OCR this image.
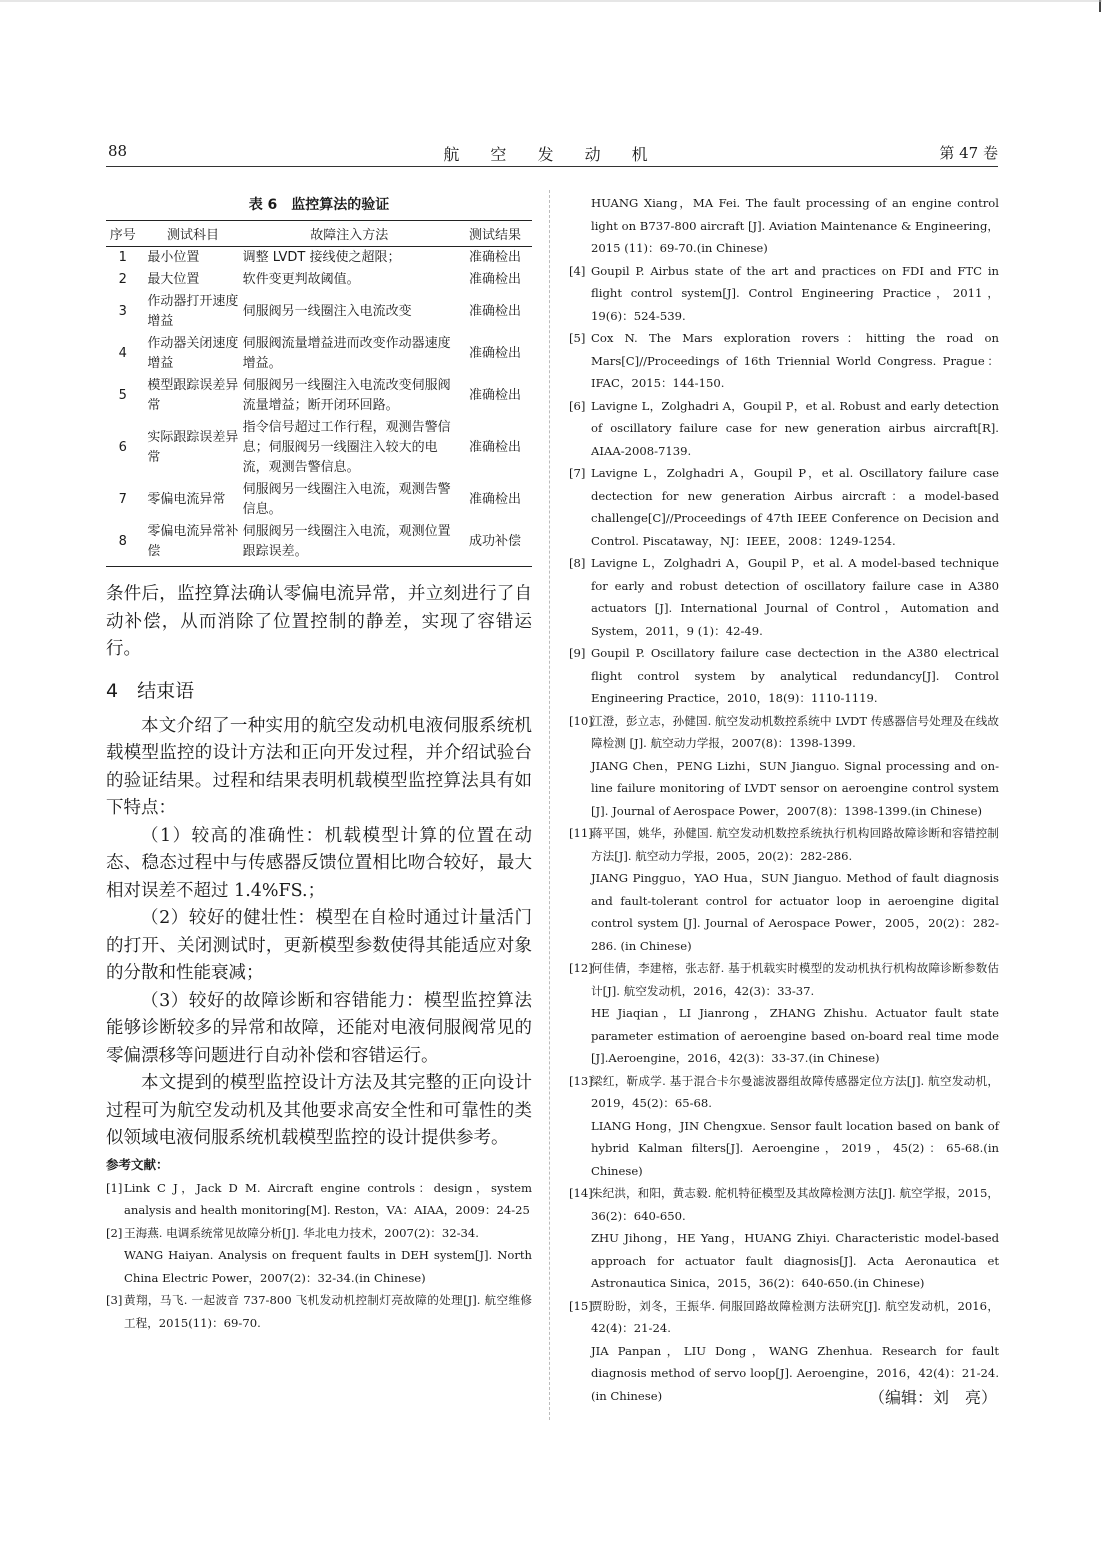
88	航 空 发 动 机	第 47 卷
表 6　监控算法的验证
序号	测试科目	故障注入方法	测试结果
1	最小位置	调整 LVDT 接线使之超限；	准确检出
2	最大位置	软件变更判故阈值。	准确检出
3	作动器打开速度增益	伺服阀另一线圈注入电流改变	准确检出
4	作动器关闭速度增益	伺服阀流量增益进而改变作动器速度增益。	准确检出
5	模型跟踪误差异常	伺服阀另一线圈注入电流改变伺服阀流量增益；断开闭环回路。	准确检出
6	实际跟踪误差异常	指令信号超过工作行程，观测告警信息；伺服阀另一线圈注入较大的电流，观测告警信息。	准确检出
7	零偏电流异常	伺服阀另一线圈注入电流，观测告警信息。	准确检出
8	零偏电流异常补偿	伺服阀另一线圈注入电流，观测位置跟踪误差。	成功补偿

条件后，监控算法确认零偏电流异常，并立刻进行了自动补偿，从而消除了位置控制的静差，实现了容错运行。

4　结束语

本文介绍了一种实用的航空发动机电液伺服系统机载模型监控的设计方法和正向开发过程，并介绍试验台的验证结果。过程和结果表明机载模型监控算法具有如下特点：

（1）较高的准确性：机载模型计算的位置在动态、稳态过程中与传感器反馈位置相比吻合较好，最大相对误差不超过 1.4%FS.；

（2）较好的健壮性：模型在自检时通过计量活门的打开、关闭测试时，更新模型参数使得其能适应对象的分散和性能衰减；

（3）较好的故障诊断和容错能力：模型监控算法能够诊断较多的异常和故障，还能对电液伺服阀常见的零偏漂移等问题进行自动补偿和容错运行。

本文提到的模型监控设计方法及其完整的正向设计过程可为航空发动机及其他要求高安全性和可靠性的类似领域电液伺服系统机载模型监控的设计提供参考。

参考文献：
[1] Link C J，Jack D M. Aircraft engine controls：design，system analysis and health monitoring[M]. Reston，VA：AIAA，2009：24-25
[2] 王海燕. 电调系统常见故障分析[J]. 华北电力技术，2007(2)：32-34.
WANG Haiyan. Analysis on frequent faults in DEH system[J]. North China Electric Power，2007(2)：32-34.(in Chinese)
[3] 黄翔，马飞. 一起波音 737-800 飞机发动机控制灯亮故障的处理[J]. 航空维修工程，2015(11)：69-70.
HUANG Xiang，MA Fei. The fault processing of an engine control light on B737-800 aircraft [J]. Aviation Maintenance & Engineering，2015 (11)：69-70.(in Chinese)
[4] Goupil P. Airbus state of the art and practices on FDI and FTC in flight control system[J]. Control Engineering Practice，2011，19(6)：524-539.
[5] Cox N. The Mars exploration rovers：hitting the road on Mars[C]//Proceedings of 16th Triennial World Congress. Prague：IFAC，2015：144-150.
[6] Lavigne L，Zolghadri A，Goupil P，et al. Robust and early detection of oscillatory failure case for new generation airbus aircraft[R]. AIAA-2008-7139.
[7] Lavigne L，Zolghadri A，Goupil P，et al. Oscillatory failure case dectection for new generation Airbus aircraft：a model-based challenge[C]//Proceedings of 47th IEEE Conference on Decision and Control. Piscataway，NJ：IEEE，2008：1249-1254.
[8] Lavigne L，Zolghadri A，Goupil P，et al. A model-based technique for early and robust detection of oscillatory failure case in A380 actuators [J]. International Journal of Control，Automation and System，2011，9 (1)：42-49.
[9] Goupil P. Oscillatory failure case dectection in the A380 electrical flight control system by analytical redundancy[J]. Control Engineering Practice，2010，18(9)：1110-1119.
[10]
江澄，彭立志，孙健国. 航空发动机数控系统中 LVDT 传感器信号处理及在线故障检测 [J]. 航空动力学报，2007(8)：1398-1399.
JIANG Chen，PENG Lizhi，SUN Jianguo. Signal processing and on-line failure monitoring of LVDT sensor on aeroengine control system [J]. Journal of Aerospace Power，2007(8)：1398-1399.(in Chinese)
[11]
蒋平国，姚华，孙健国. 航空发动机数控系统执行机构回路故障诊断和容错控制方法[J]. 航空动力学报，2005，20(2)：282-286.
JIANG Pingguo，YAO Hua，SUN Jianguo. Method of fault diagnosis and fault-tolerant control for actuator loop in aeroengine digital control system [J]. Journal of Aerospace Power，2005，20(2)：282-286. (in Chinese)
[12]
何佳倩，李建榕，张志舒. 基于机载实时模型的发动机执行机构故障诊断参数估计[J]. 航空发动机，2016，42(3)：33-37.
HE Jiaqian，LI Jianrong，ZHANG Zhishu. Actuator fault state parameter estimation of aeroengine based on-board real time mode [J].Aeroengine，2016，42(3)：33-37.(in Chinese)
[13]
梁红，靳成学. 基于混合卡尔曼滤波器组故障传感器定位方法[J]. 航空发动机，2019，45(2)：65-68.
LIANG Hong，JIN Chengxue. Sensor fault location based on bank of hybrid Kalman filters[J]. Aeroengine，2019，45(2)：65-68.(in Chinese)
[14]
朱纪洪，和阳，黄志毅. 舵机特征模型及其故障检测方法[J]. 航空学报，2015，36(2)：640-650.
ZHU Jihong，HE Yang，HUANG Zhiyi. Characteristic model-based approach for actuator fault diagnosis[J]. Acta Aeronautica et Astronautica Sinica，2015，36(2)：640-650.(in Chinese)
[15]
贾盼盼，刘冬，王振华. 伺服回路故障检测方法研究[J]. 航空发动机，2016，42(4)：21-24.
JIA Panpan，LIU Dong，WANG Zhenhua. Research for fault diagnosis method of servo loop[J]. Aeroengine，2016，42(4)：21-24.(in Chinese)	（编辑：刘　亮）
